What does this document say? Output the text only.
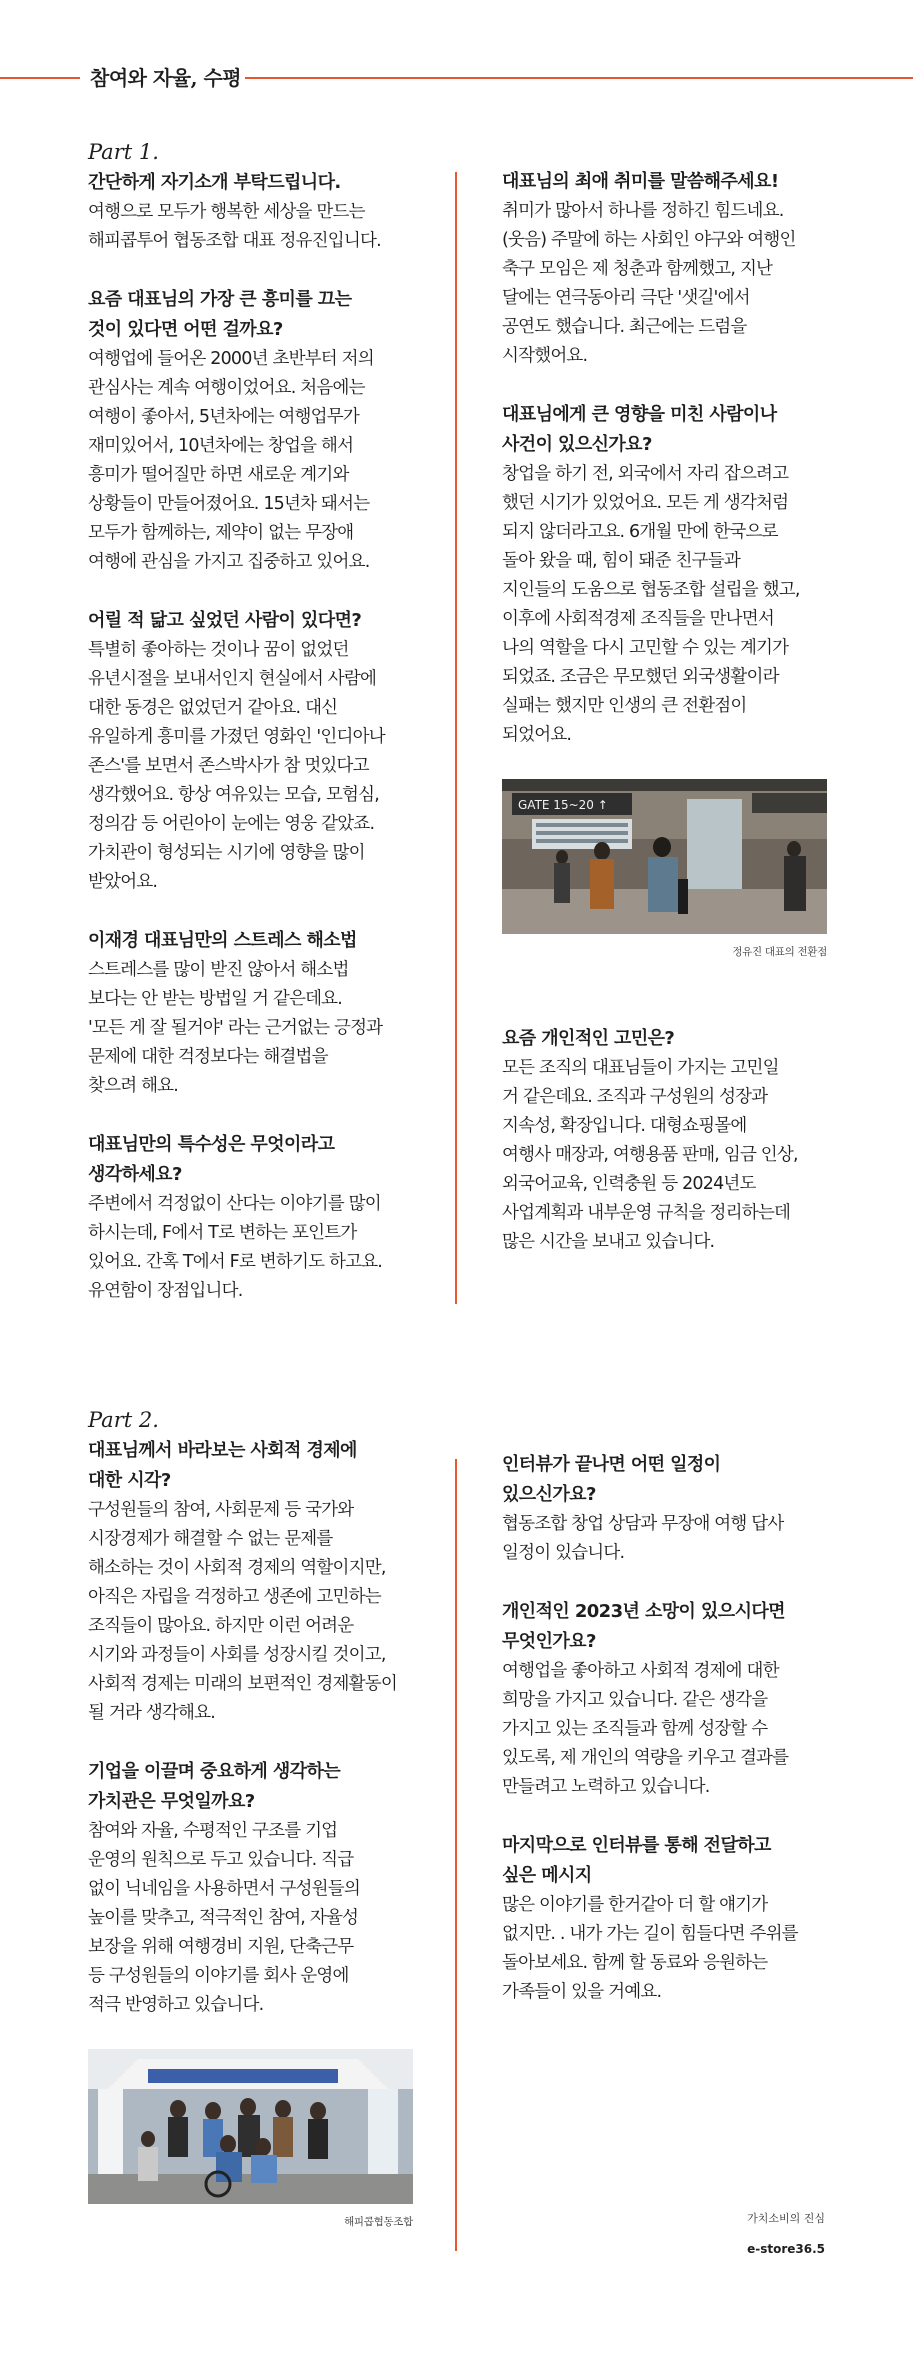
참여와 자율, 수평

Part 1.

간단하게 자기소개 부탁드립니다.

여행으로 모두가 행복한 세상을 만드는
해피콥투어 협동조합 대표 정유진입니다.

요즘 대표님의 가장 큰 흥미를 끄는
것이 있다면 어떤 걸까요?

여행업에 들어온 2000년 초반부터 저의
관심사는 계속 여행이었어요. 처음에는
여행이 좋아서, 5년차에는 여행업무가
재미있어서, 10년차에는 창업을 해서
흥미가 떨어질만 하면 새로운 계기와
상황들이 만들어졌어요. 15년차 돼서는
모두가 함께하는, 제약이 없는 무장애
여행에 관심을 가지고 집중하고 있어요.

어릴 적 닮고 싶었던 사람이 있다면?

특별히 좋아하는 것이나 꿈이 없었던
유년시절을 보내서인지 현실에서 사람에
대한 동경은 없었던거 같아요. 대신
유일하게 흥미를 가졌던 영화인 '인디아나
존스'를 보면서 존스박사가 참 멋있다고
생각했어요. 항상 여유있는 모습, 모험심,
정의감 등 어린아이 눈에는 영웅 같았죠.
가치관이 형성되는 시기에 영향을 많이
받았어요.

이재경 대표님만의 스트레스 해소법

스트레스를 많이 받진 않아서 해소법
보다는 안 받는 방법일 거 같은데요.
'모든 게 잘 될거야' 라는 근거없는 긍정과
문제에 대한 걱정보다는 해결법을
찾으려 해요.

대표님만의 특수성은 무엇이라고
생각하세요?

주변에서 걱정없이 산다는 이야기를 많이
하시는데, F에서 T로 변하는 포인트가
있어요. 간혹 T에서 F로 변하기도 하고요.
유연함이 장점입니다.

대표님의 최애 취미를 말씀해주세요!

취미가 많아서 하나를 정하긴 힘드네요.
(웃음) 주말에 하는 사회인 야구와 여행인
축구 모임은 제 청춘과 함께했고, 지난
달에는 연극동아리 극단 '샛길'에서
공연도 했습니다. 최근에는 드럼을
시작했어요.

대표님에게 큰 영향을 미친 사람이나
사건이 있으신가요?

창업을 하기 전, 외국에서 자리 잡으려고
했던 시기가 있었어요. 모든 게 생각처럼
되지 않더라고요. 6개월 만에 한국으로
돌아 왔을 때, 힘이 돼준 친구들과
지인들의 도움으로 협동조합 설립을 했고,
이후에 사회적경제 조직들을 만나면서
나의 역할을 다시 고민할 수 있는 계기가
되었죠. 조금은 무모했던 외국생활이라
실패는 했지만 인생의 큰 전환점이
되었어요.

GATE 15~20 ↑
정유진 대표의 전환점

요즘 개인적인 고민은?

모든 조직의 대표님들이 가지는 고민일
거 같은데요. 조직과 구성원의 성장과
지속성, 확장입니다. 대형쇼핑몰에
여행사 매장과, 여행용품 판매, 임금 인상,
외국어교육, 인력충원 등 2024년도
사업계획과 내부운영 규칙을 정리하는데
많은 시간을 보내고 있습니다.

Part 2.

대표님께서 바라보는 사회적 경제에
대한 시각?

구성원들의 참여, 사회문제 등 국가와
시장경제가 해결할 수 없는 문제를
해소하는 것이 사회적 경제의 역할이지만,
아직은 자립을 걱정하고 생존에 고민하는
조직들이 많아요. 하지만 이런 어려운
시기와 과정들이 사회를 성장시킬 것이고,
사회적 경제는 미래의 보편적인 경제활동이
될 거라 생각해요.

기업을 이끌며 중요하게 생각하는
가치관은 무엇일까요?

참여와 자율, 수평적인 구조를 기업
운영의 원칙으로 두고 있습니다. 직급
없이 닉네임을 사용하면서 구성원들의
높이를 맞추고, 적극적인 참여, 자율성
보장을 위해 여행경비 지원, 단축근무
등 구성원들의 이야기를 회사 운영에
적극 반영하고 있습니다.

해피콥협동조합

인터뷰가 끝나면 어떤 일정이
있으신가요?

협동조합 창업 상담과 무장애 여행 답사
일정이 있습니다.

개인적인 2023년 소망이 있으시다면
무엇인가요?

여행업을 좋아하고 사회적 경제에 대한
희망을 가지고 있습니다. 같은 생각을
가지고 있는 조직들과 함께 성장할 수
있도록, 제 개인의 역량을 키우고 결과를
만들려고 노력하고 있습니다.

마지막으로 인터뷰를 통해 전달하고
싶은 메시지

많은 이야기를 한거같아 더 할 얘기가
없지만. . 내가 가는 길이 힘들다면 주위를
돌아보세요. 함께 할 동료와 응원하는
가족들이 있을 거예요.

가치소비의 진심
e-store36.5
